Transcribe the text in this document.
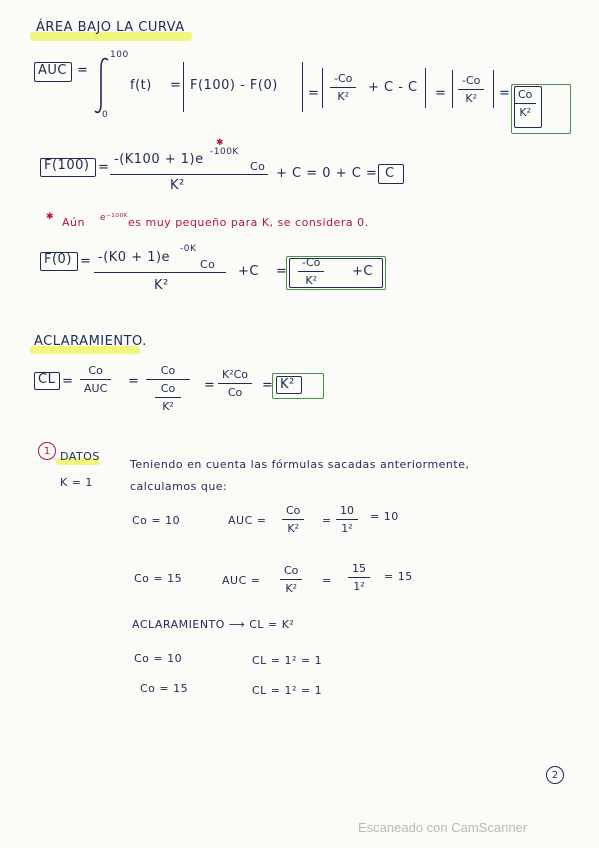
ÁREA BAJO LA CURVA
AUC =
100
0
f(t) = F(100) - F(0)
=
-Co
K²
+ C - C =
-Co
K²	= Co
K²
F(100) =
✱
-(K100 + 1)e -100K
Co
K²
+ C = 0 + C = C
✱ Aún e⁻¹⁰⁰ᴷ es muy pequeño para K, se considera 0.
F(0) = -(K0 + 1)e
-0K
Co
K²
+C =
-Co
K²
+C
ACLARAMIENTO.
CL =
Co
AUC	=
Co
Co
K²
=
K²Co
Co	= K²
1 DATOS
K = 1
Teniendo en cuenta las fórmulas sacadas anteriormente,
calculamos que:
Co = 10	AUC =
Co
K²
=
10
1²
= 10
Co = 15	AUC =
Co
K²
=
15
1²
= 15
ACLARAMIENTO ⟶ CL = K²
Co = 10	CL = 1² = 1
Co = 15	CL = 1² = 1
2
Escaneado con CamScanner
